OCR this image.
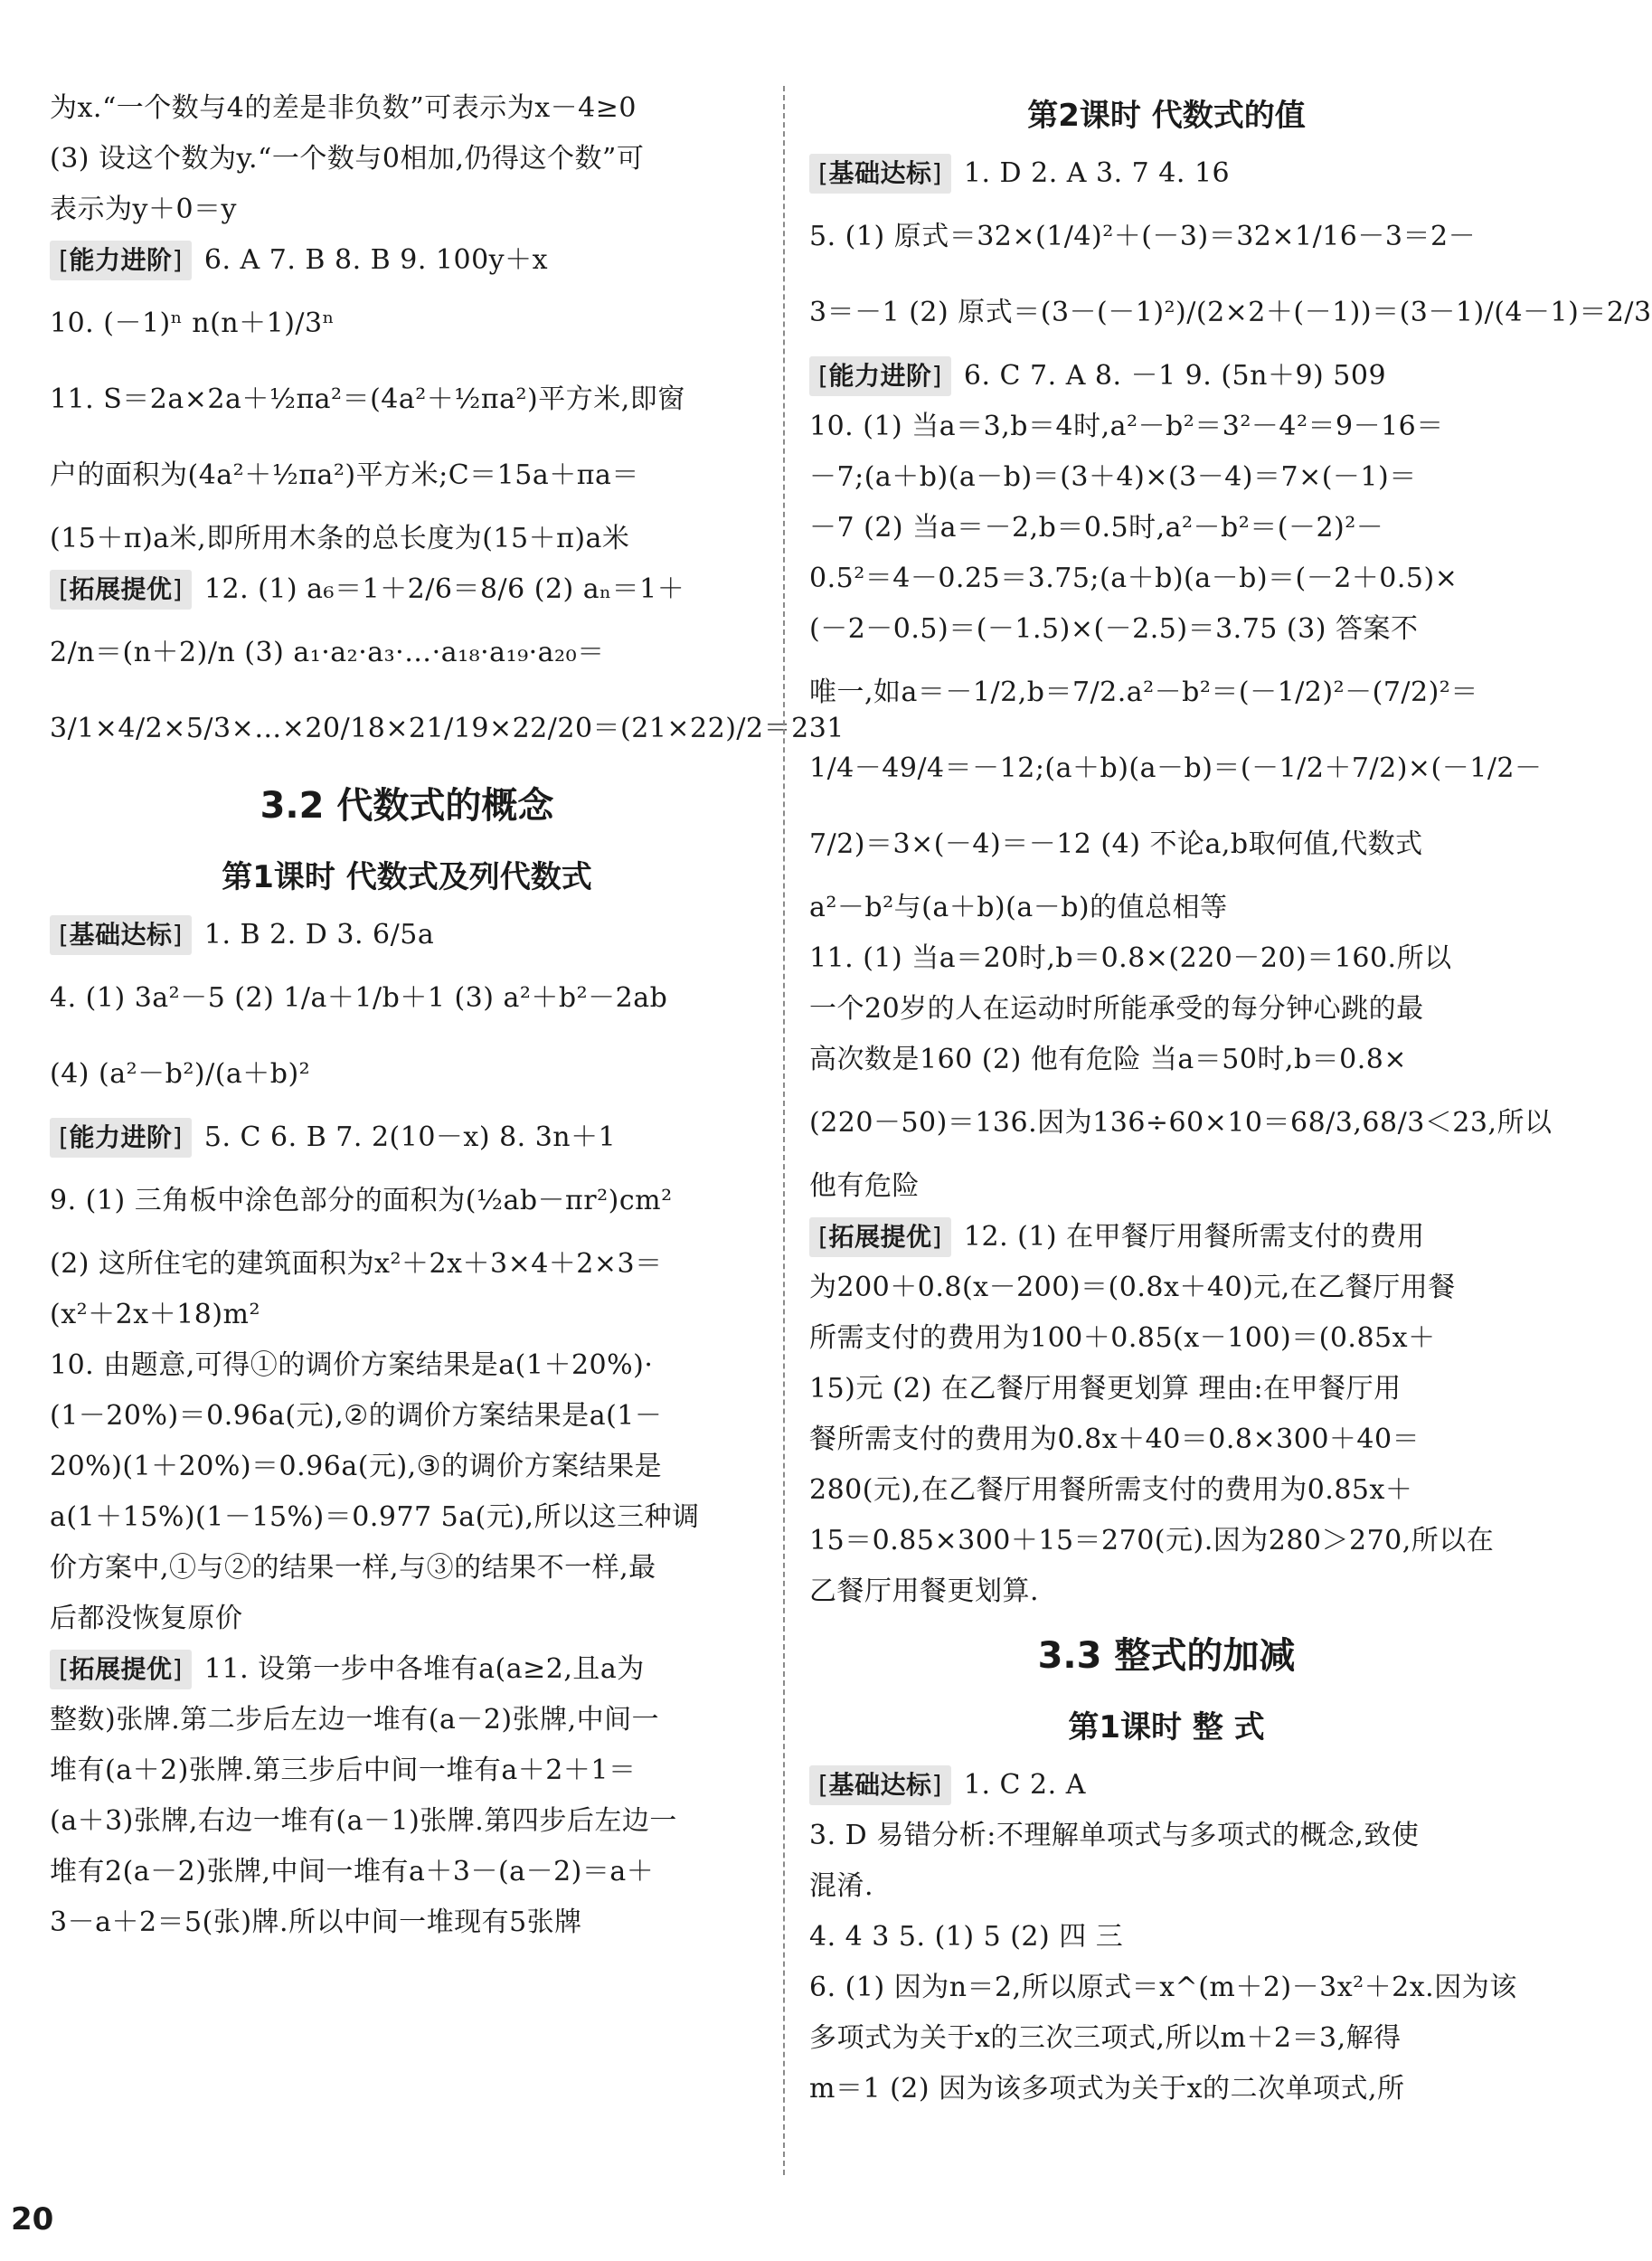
为x.“一个数与4的差是非负数”可表示为x－4≥0
(3) 设这个数为y.“一个数与0相加,仍得这个数”可
表示为y＋0＝y
[ 能力进阶 ]	6. A 7. B 8. B 9. 100y＋x
10. (－1)ⁿ n(n＋1)/3ⁿ
11. S＝2a×2a＋½πa²＝(4a²＋½πa²)平方米,即窗
户的面积为(4a²＋½πa²)平方米;C＝15a＋πa＝
(15＋π)a米,即所用木条的总长度为(15＋π)a米
[ 拓展提优 ]	12. (1) a₆＝1＋2/6＝8/6 (2) aₙ＝1＋
2/n＝(n＋2)/n (3) a₁·a₂·a₃·…·a₁₈·a₁₉·a₂₀＝
3/1×4/2×5/3×…×20/18×21/19×22/20＝(21×22)/2＝231
3.2 代数式的概念
第1课时 代数式及列代数式
[ 基础达标 ]	1. B 2. D 3. 6/5a
4. (1) 3a²－5 (2) 1/a＋1/b＋1 (3) a²＋b²－2ab
(4) (a²－b²)/(a＋b)²
[ 能力进阶 ]	5. C 6. B 7. 2(10－x) 8. 3n＋1
9. (1) 三角板中涂色部分的面积为(½ab－πr²)cm²
(2) 这所住宅的建筑面积为x²＋2x＋3×4＋2×3＝
(x²＋2x＋18)m²
10. 由题意,可得①的调价方案结果是a(1＋20%)·
(1－20%)＝0.96a(元),②的调价方案结果是a(1－
20%)(1＋20%)＝0.96a(元),③的调价方案结果是
a(1＋15%)(1－15%)＝0.977 5a(元),所以这三种调
价方案中,①与②的结果一样,与③的结果不一样,最
后都没恢复原价
[ 拓展提优 ]	11. 设第一步中各堆有a(a≥2,且a为
整数)张牌.第二步后左边一堆有(a－2)张牌,中间一
堆有(a＋2)张牌.第三步后中间一堆有a＋2＋1＝
(a＋3)张牌,右边一堆有(a－1)张牌.第四步后左边一
堆有2(a－2)张牌,中间一堆有a＋3－(a－2)＝a＋
3－a＋2＝5(张)牌.所以中间一堆现有5张牌
第2课时 代数式的值
[ 基础达标 ]	1. D 2. A 3. 7 4. 16
5. (1) 原式＝32×(1/4)²＋(－3)＝32×1/16－3＝2－
3＝－1 (2) 原式＝(3－(－1)²)/(2×2＋(－1))＝(3－1)/(4－1)＝2/3
[ 能力进阶 ]	6. C 7. A 8. －1 9. (5n＋9) 509
10. (1) 当a＝3,b＝4时,a²－b²＝3²－4²＝9－16＝
－7;(a＋b)(a－b)＝(3＋4)×(3－4)＝7×(－1)＝
－7 (2) 当a＝－2,b＝0.5时,a²－b²＝(－2)²－
0.5²＝4－0.25＝3.75;(a＋b)(a－b)＝(－2＋0.5)×
(－2－0.5)＝(－1.5)×(－2.5)＝3.75 (3) 答案不
唯一,如a＝－1/2,b＝7/2.a²－b²＝(－1/2)²－(7/2)²＝
1/4－49/4＝－12;(a＋b)(a－b)＝(－1/2＋7/2)×(－1/2－
7/2)＝3×(－4)＝－12 (4) 不论a,b取何值,代数式
a²－b²与(a＋b)(a－b)的值总相等
11. (1) 当a＝20时,b＝0.8×(220－20)＝160.所以
一个20岁的人在运动时所能承受的每分钟心跳的最
高次数是160 (2) 他有危险 当a＝50时,b＝0.8×
(220－50)＝136.因为136÷60×10＝68/3,68/3＜23,所以
他有危险
[ 拓展提优 ]	12. (1) 在甲餐厅用餐所需支付的费用
为200＋0.8(x－200)＝(0.8x＋40)元,在乙餐厅用餐
所需支付的费用为100＋0.85(x－100)＝(0.85x＋
15)元 (2) 在乙餐厅用餐更划算 理由:在甲餐厅用
餐所需支付的费用为0.8x＋40＝0.8×300＋40＝
280(元),在乙餐厅用餐所需支付的费用为0.85x＋
15＝0.85×300＋15＝270(元).因为280＞270,所以在
乙餐厅用餐更划算.
3.3 整式的加减
第1课时 整 式
[ 基础达标 ]	1. C 2. A
3. D 易错分析:不理解单项式与多项式的概念,致使
混淆.
4. 4 3 5. (1) 5 (2) 四 三
6. (1) 因为n＝2,所以原式＝x^(m＋2)－3x²＋2x.因为该
多项式为关于x的三次三项式,所以m＋2＝3,解得
m＝1 (2) 因为该多项式为关于x的二次单项式,所
20
